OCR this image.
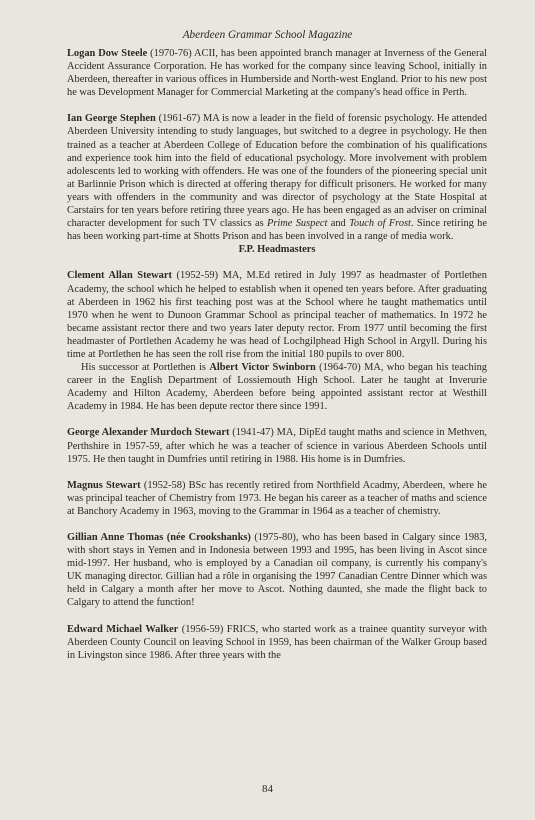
Aberdeen Grammar School Magazine

Logan Dow Steele (1970-76) ACII, has been appointed branch manager at Inverness of the General Accident Assurance Corporation. He has worked for the company since leaving School, initially in Aberdeen, thereafter in various offices in Humberside and North-west England. Prior to his new post he was Development Manager for Commercial Marketing at the company's head office in Perth.

Ian George Stephen (1961-67) MA is now a leader in the field of forensic psychology. He attended Aberdeen University intending to study languages, but switched to a degree in psychology. He then trained as a teacher at Aberdeen College of Education before the combination of his qualifications and experience took him into the field of educational psychology. More involvement with problem adolescents led to working with offenders. He was one of the founders of the pioneering special unit at Barlinnie Prison which is directed at offering therapy for difficult prisoners. He worked for many years with offenders in the community and was director of psychology at the State Hospital at Carstairs for ten years before retiring three years ago. He has been engaged as an adviser on criminal character development for such TV classics as Prime Suspect and Touch of Frost. Since retiring he has been working part-time at Shotts Prison and has been involved in a range of media work.

F.P. Headmasters

Clement Allan Stewart (1952-59) MA, M.Ed retired in July 1997 as headmaster of Portlethen Academy, the school which he helped to establish when it opened ten years before. After graduating at Aberdeen in 1962 his first teaching post was at the School where he taught mathematics until 1970 when he went to Dunoon Grammar School as principal teacher of mathematics. In 1972 he became assistant rector there and two years later deputy rector. From 1977 until becoming the first headmaster of Portlethen Academy he was head of Lochgilphead High School in Argyll. During his time at Portlethen he has seen the roll rise from the initial 180 pupils to over 800.

His successor at Portlethen is Albert Victor Swinborn (1964-70) MA, who began his teaching career in the English Department of Lossiemouth High School. Later he taught at Inverurie Academy and Hilton Academy, Aberdeen before being appointed assistant rector at Westhill Academy in 1984. He has been depute rector there since 1991.

George Alexander Murdoch Stewart (1941-47) MA, DipEd taught maths and science in Methven, Perthshire in 1957-59, after which he was a teacher of science in various Aberdeen Schools until 1975. He then taught in Dumfries until retiring in 1988. His home is in Dumfries.

Magnus Stewart (1952-58) BSc has recently retired from Northfield Acadmy, Aberdeen, where he was principal teacher of Chemistry from 1973. He began his career as a teacher of maths and science at Banchory Academy in 1963, moving to the Grammar in 1964 as a teacher of chemistry.

Gillian Anne Thomas (née Crookshanks) (1975-80), who has been based in Calgary since 1983, with short stays in Yemen and in Indonesia between 1993 and 1995, has been living in Ascot since mid-1997. Her husband, who is employed by a Canadian oil company, is currently his company's UK managing director. Gillian had a rôle in organising the 1997 Canadian Centre Dinner which was held in Calgary a month after her move to Ascot. Nothing daunted, she made the flight back to Calgary to attend the function!

Edward Michael Walker (1956-59) FRICS, who started work as a trainee quantity surveyor with Aberdeen County Council on leaving School in 1959, has been chairman of the Walker Group based in Livingston since 1986. After three years with the

84
